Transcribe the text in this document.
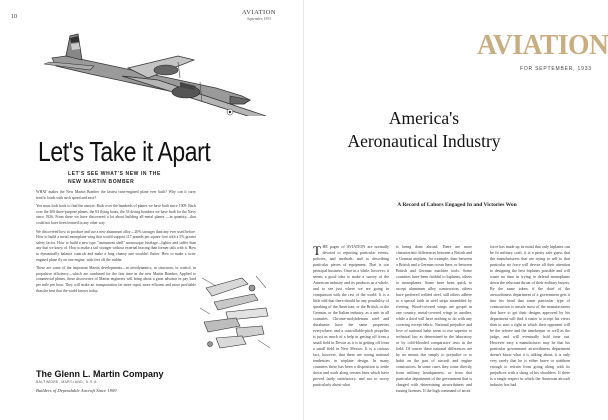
10
Let's Take it Apart
LET'S SEE WHAT'S NEW IN THE NEW MARTIN BOMBER

WHAT makes the New Martin Bomber the fastest twin-engined plane ever built? Why can it carry terrific loads with such speed and ease?

You must look back to find the answer. Back over the hundreds of planes we have built since 1909. Back over the 300 three-purpose planes, the 63 flying boats, the 33 diving bombers we have built for the Navy since 1926. From these we have discovered a lot about building all-metal planes —in quantity—that could not have been learned in any other way.

We discovered how to produce and use a new aluminum alloy—20% stronger than any ever used before. How to build a metal monoplane wing that would support 117 pounds per square foot with a 5% greater safety factor. How to build a new type "instrument shell" monocoque fuselage—lighter and stiffer than any that we know of. How to make a tail stronger without external bracing than former tails with it. How to dynamically balance controls and make a long clumsy one wouldn't flutter. How to make a twin-engined plane fly on one engine, with feet off the rudder.

These are some of the important Martin developments—in aerodynamics, in structures, in control, in propulsive efficiency—which are combined for the first time in the new Martin Bomber. Applied to commercial planes, these discoveries of Martin engineers will bring about a great advance in pay load per mile per hour. They will make air transportation far more rapid, more efficient and more profitable than the best that the world knows today.

The Glenn L. Martin Company
BALTIMORE, MARYLAND, U.S.A.
Builders of Dependable Aircraft Since 1909
AVIATION
September, 1933
AVIATION
FOR SEPTEMBER, 1933
America's Aeronautical Industry
A Record of Labors Engaged In and Victories Won
THE pages of AVIATION are normally devoted to reporting particular events, policies, and methods, and to describing particular pieces of equipment. That is our principal business. Once in a while, however, it seems a good idea to make a survey of the American industry and its products as a whole, and to see just where we are going in comparison with the rest of the world. It is a little odd that there should be any possibility of speaking of the American, or the British, or the German, or the Italian industry, as a unit in all countries. Chrome-molybdenum steel and duralumin have the same properties everywhere, and a controllable-pitch propeller is just as much of a help in getting off from a small field in Devon as it is in getting off from a small field in New Mexico. It is a curious fact, however, that there are strong national tendencies in airplane design. In many countries there has been a disposition to settle down and work along certain lines which have proved fairly satisfactory, and not to worry particularly about what
is being done abroad. There are more characteristic differences between a British and a German airplane, for example, than between a British and a German ocean liner, or between British and German machine tools. Some countries have been faithful to biplanes, others to monoplanes. Some have been quick to accept aluminum alloy construction, others have preferred welded steel, still others adhere to a special faith in steel strips assembled by riveting. Wood-covered wings are gospel in one country, metal-covered wings in another, while a third will have nothing to do with any covering except fabric. National prejudice and love of national habit seem to rise superior to technical law as determined in the laboratory or by cold-blooded comparative tests in the field. Of course these national differences are by no means due simply to prejudice or to habit on the part of aircraft and engine constructors. In some cases they come directly from military headquarters, or from that particular department of the government that is charged with determining airworthiness and issuing licenses. If the high command of an air
force has made up its mind that only biplanes can be fit military craft, it is a pretty safe guess that the manufacturers that are trying to sell to that particular air force will devote all their attention to designing the best biplanes possible and will waste no time in trying to defend monoplanes down the reluctant throat of their military buyers. By the same token, if the chief of the airworthiness department of a government gets it into his head that some particular type of construction is unsafe most of the manufacturers that have to get their designs approved by his department will find it easier to accept his views than to start a fight in which their opponent will be the referee and the timekeeper as well as the judge, and will eventually hold time out. However easy a manufacturer may be that his particular government airworthiness department doesn't know what it is talking about, it is only very rarely that he is either brave or stubborn enough to refrain from going along with its prejudices with a shrug of his shoulders. If there is a single respect in which the American aircraft industry has had
